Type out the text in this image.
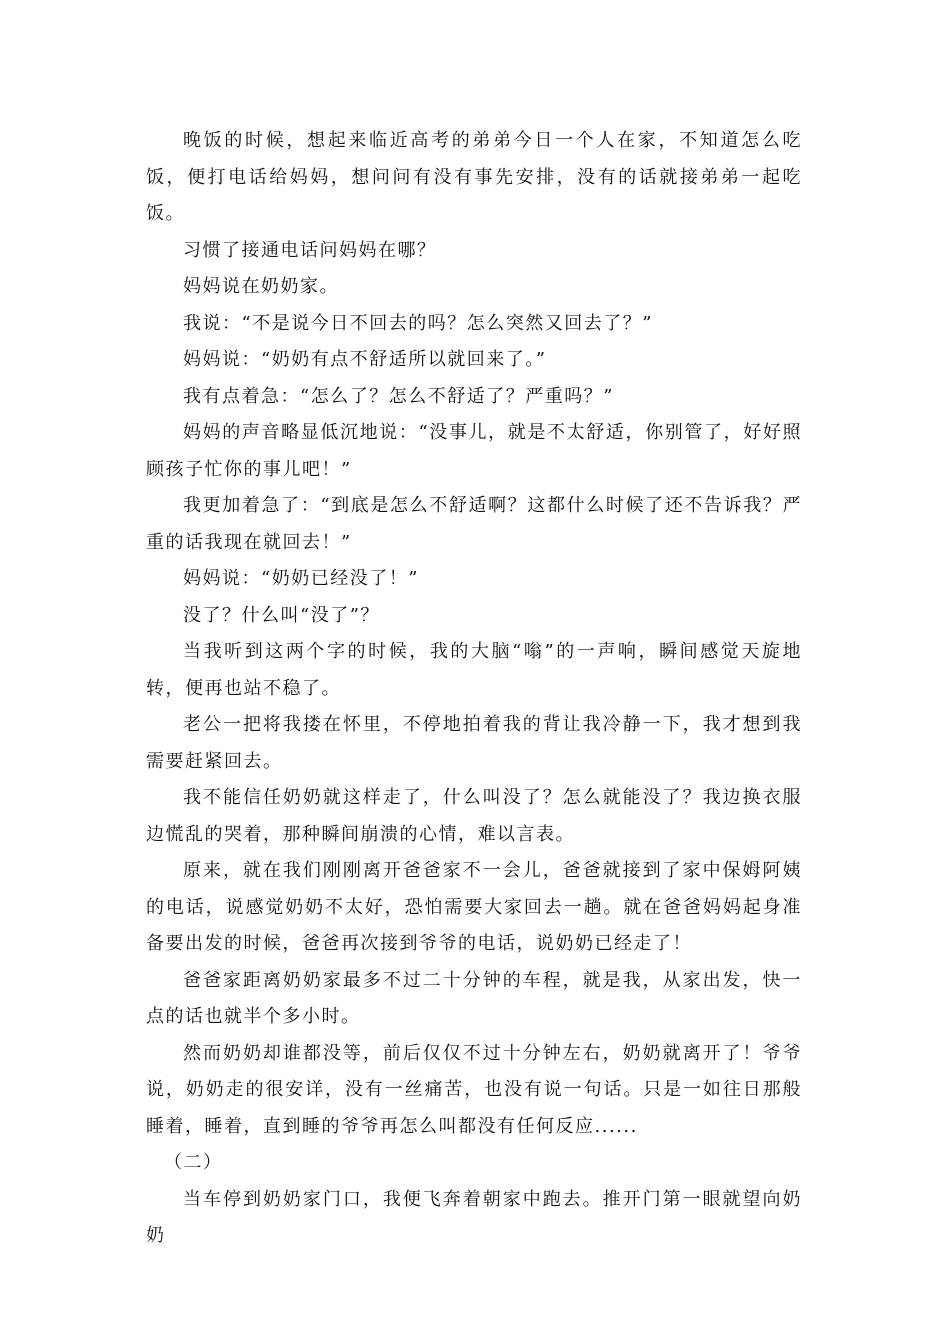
晚饭的时候，想起来临近高考的弟弟今日一个人在家，不知道怎么吃饭，便打电话给妈妈，想问问有没有事先安排，没有的话就接弟弟一起吃饭。

习惯了接通电话问妈妈在哪？

妈妈说在奶奶家。

我说：“不是说今日不回去的吗？怎么突然又回去了？”

妈妈说：“奶奶有点不舒适所以就回来了。”

我有点着急：“怎么了？怎么不舒适了？严重吗？”

妈妈的声音略显低沉地说：“没事儿，就是不太舒适，你别管了，好好照顾孩子忙你的事儿吧！”

我更加着急了：“到底是怎么不舒适啊？这都什么时候了还不告诉我？严重的话我现在就回去！”

妈妈说：“奶奶已经没了！”

没了？什么叫“没了”？

当我听到这两个字的时候，我的大脑“嗡”的一声响，瞬间感觉天旋地转，便再也站不稳了。

老公一把将我搂在怀里，不停地拍着我的背让我冷静一下，我才想到我需要赶紧回去。

我不能信任奶奶就这样走了，什么叫没了？怎么就能没了？我边换衣服边慌乱的哭着，那种瞬间崩溃的心情，难以言表。

原来，就在我们刚刚离开爸爸家不一会儿，爸爸就接到了家中保姆阿姨的电话，说感觉奶奶不太好，恐怕需要大家回去一趟。就在爸爸妈妈起身准备要出发的时候，爸爸再次接到爷爷的电话，说奶奶已经走了！

爸爸家距离奶奶家最多不过二十分钟的车程，就是我，从家出发，快一点的话也就半个多小时。

然而奶奶却谁都没等，前后仅仅不过十分钟左右，奶奶就离开了！爷爷说，奶奶走的很安详，没有一丝痛苦，也没有说一句话。只是一如往日那般睡着，睡着，直到睡的爷爷再怎么叫都没有任何反应......

（二）

当车停到奶奶家门口，我便飞奔着朝家中跑去。推开门第一眼就望向奶奶
